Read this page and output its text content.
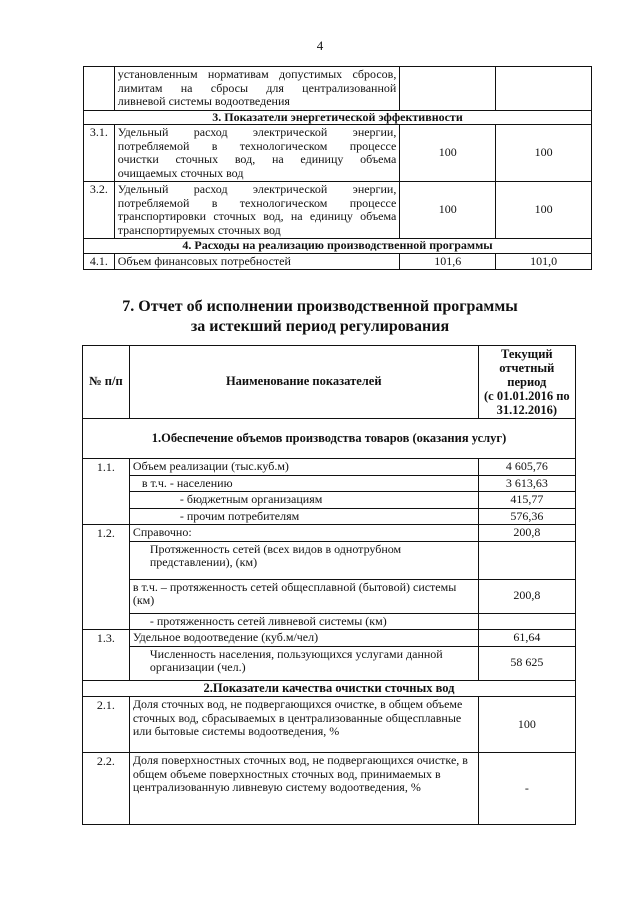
4

	установленным нормативам допустимых сбросов,
лимитам на сбросы для централизованной
ливневой системы водоотведения		

3. Показатели энергетической эффективности			
3.1.	Удельный расход электрической энергии,
потребляемой в технологическом процессе
очистки сточных вод, на единицу объема
очищаемых сточных вод	100	100
3.2.	Удельный расход электрической энергии,
потребляемой в технологическом процессе
транспортировки сточных вод, на единицу объема
транспортируемых сточных вод	100	100
4. Расходы на реализацию производственной программы			
4.1.	Объем финансовых потребностей	101,6	101,0
7. Отчет об исполнении производственной программы
за истекший период регулирования
№ п/п	Наименование показателей	Текущий
отчетный период
(с 01.01.2016 по
31.12.2016)

1.Обеспечение объемов производства товаров (оказания услуг)		
1.1.	Объем реализации (тыс.куб.м)	4 605,76
	в т.ч. - населению	3 613,63
	- бюджетным организациям	415,77
	- прочим потребителям	576,36
1.2.	Справочно:	200,8
	Протяженность сетей (всех видов в однотрубном представлении), (км)	
	в т.ч. – протяженность сетей общесплавной (бытовой) системы (км)	200,8
	- протяженность сетей ливневой системы (км)	
1.3.	Удельное водоотведение (куб.м/чел)	61,64
	Численность населения, пользующихся услугами данной организации (чел.)	58 625
2.Показатели качества очистки сточных вод		
2.1.	Доля сточных вод, не подвергающихся очистке, в общем объеме сточных вод, сбрасываемых в централизованные общесплавные или бытовые системы водоотведения, %	100
2.2.	Доля поверхностных сточных вод, не подвергающихся очистке, в общем объеме поверхностных сточных вод, принимаемых в централизованную ливневую систему водоотведения, %	-
